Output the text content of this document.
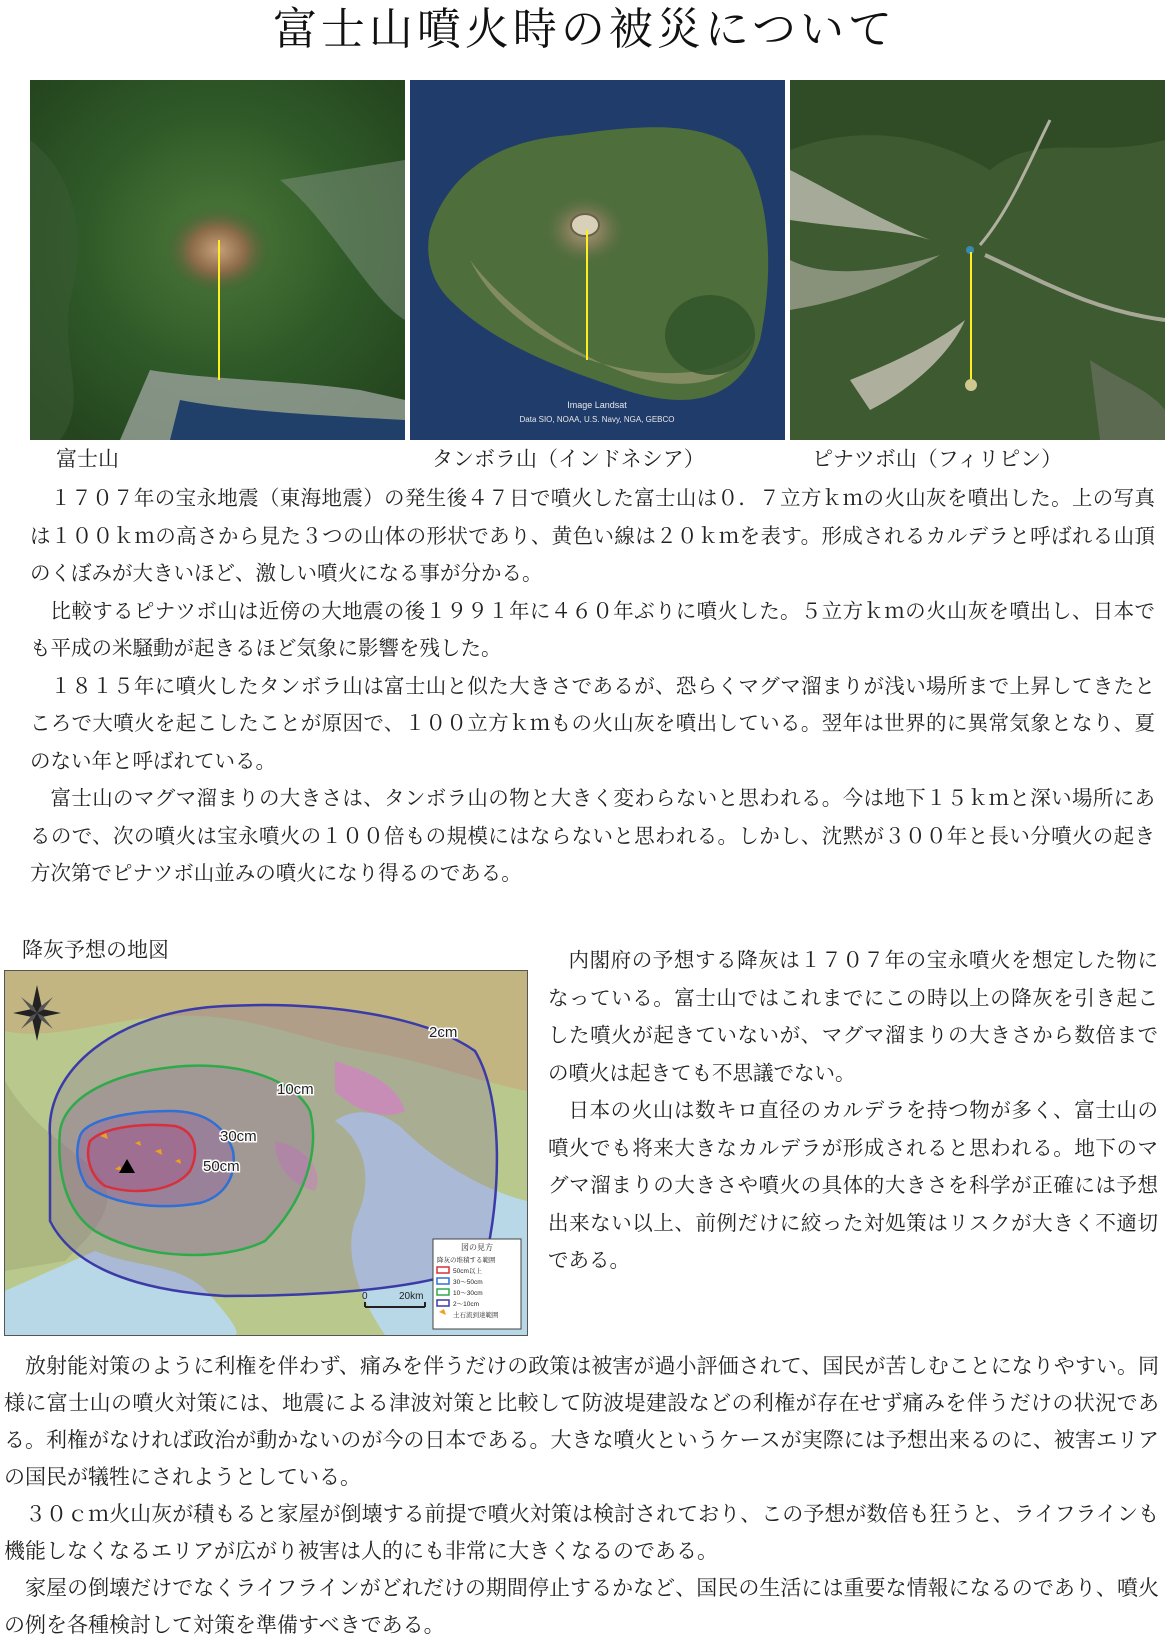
富士山噴火時の被災について
Image Landsat
Data SIO, NOAA, U.S. Navy, NGA, GEBCO
富士山	タンボラ山（インドネシア）	ピナツボ山（フィリピン）

１７０７年の宝永地震（東海地震）の発生後４７日で噴火した富士山は０．７立方ｋｍの火山灰を噴出した。上の写真は１００ｋｍの高さから見た３つの山体の形状であり、黄色い線は２０ｋｍを表す。形成されるカルデラと呼ばれる山頂のくぼみが大きいほど、激しい噴火になる事が分かる。

比較するピナツボ山は近傍の大地震の後１９９１年に４６０年ぶりに噴火した。５立方ｋｍの火山灰を噴出し、日本でも平成の米騒動が起きるほど気象に影響を残した。

１８１５年に噴火したタンボラ山は富士山と似た大きさであるが、恐らくマグマ溜まりが浅い場所まで上昇してきたところで大噴火を起こしたことが原因で、１００立方ｋｍもの火山灰を噴出している。翌年は世界的に異常気象となり、夏のない年と呼ばれている。

富士山のマグマ溜まりの大きさは、タンボラ山の物と大きく変わらないと思われる。今は地下１５ｋｍと深い場所にあるので、次の噴火は宝永噴火の１００倍もの規模にはならないと思われる。しかし、沈黙が３００年と長い分噴火の起き方次第でピナツボ山並みの噴火になり得るのである。

降灰予想の地図
2cm
10cm
30cm
50cm
0	20km
図の見方
降灰の堆積する範囲
50cm以上
30〜50cm
10〜30cm
2〜10cm
土石流到達範囲

内閣府の予想する降灰は１７０７年の宝永噴火を想定した物になっている。富士山ではこれまでにこの時以上の降灰を引き起こした噴火が起きていないが、マグマ溜まりの大きさから数倍までの噴火は起きても不思議でない。

日本の火山は数キロ直径のカルデラを持つ物が多く、富士山の噴火でも将来大きなカルデラが形成されると思われる。地下のマグマ溜まりの大きさや噴火の具体的大きさを科学が正確には予想出来ない以上、前例だけに絞った対処策はリスクが大きく不適切である。

放射能対策のように利権を伴わず、痛みを伴うだけの政策は被害が過小評価されて、国民が苦しむことになりやすい。同様に富士山の噴火対策には、地震による津波対策と比較して防波堤建設などの利権が存在せず痛みを伴うだけの状況である。利権がなければ政治が動かないのが今の日本である。大きな噴火というケースが実際には予想出来るのに、被害エリアの国民が犠牲にされようとしている。

３０ｃｍ火山灰が積もると家屋が倒壊する前提で噴火対策は検討されており、この予想が数倍も狂うと、ライフラインも機能しなくなるエリアが広がり被害は人的にも非常に大きくなるのである。

家屋の倒壊だけでなくライフラインがどれだけの期間停止するかなど、国民の生活には重要な情報になるのであり、噴火の例を各種検討して対策を準備すべきである。
